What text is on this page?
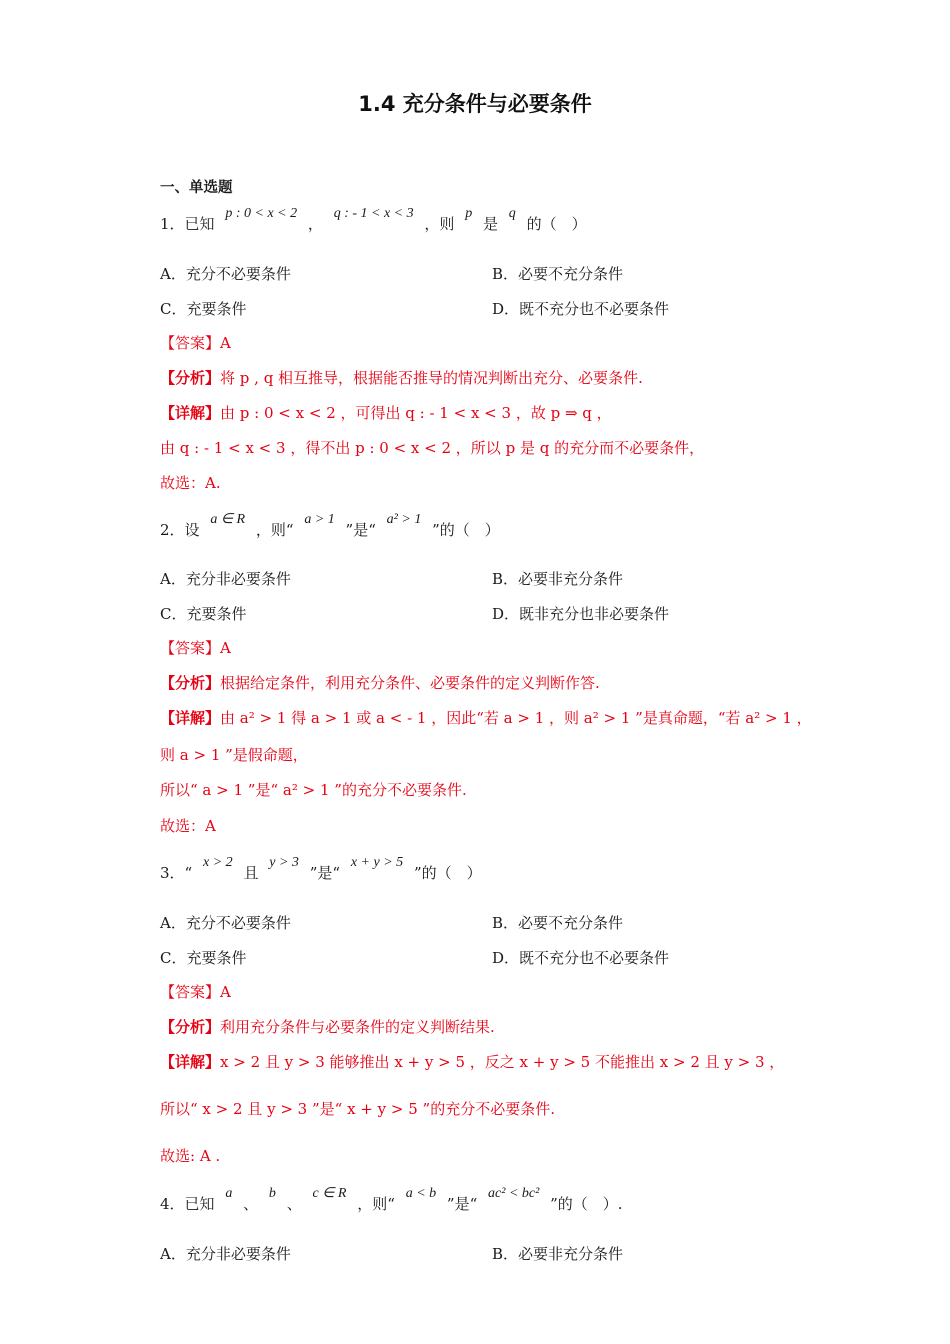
1.4 充分条件与必要条件
一、单选题
1．已知 p : 0 < x < 2 ， q : - 1 < x < 3 ，则 p 是 q 的（　）
A．充分不必要条件	B．必要不充分条件
C．充要条件	D．既不充分也不必要条件
【答案】A
【分析】将 p , q 相互推导，根据能否推导的情况判断出充分、必要条件.
【详解】由 p : 0 < x < 2 ，可得出 q : - 1 < x < 3 ，故 p ⇒ q ，
由 q : - 1 < x < 3 ，得不出 p : 0 < x < 2 ，所以 p 是 q 的充分而不必要条件，
故选：A.
2．设 a ∈ R ，则“ a > 1 ”是“ a² > 1 ”的（　）
A．充分非必要条件	B．必要非充分条件
C．充要条件	D．既非充分也非必要条件
【答案】A
【分析】根据给定条件，利用充分条件、必要条件的定义判断作答.
【详解】由 a² > 1 得 a > 1 或 a < - 1 ，因此“若 a > 1 ，则 a² > 1 ”是真命题，“若 a² > 1 ，
则 a > 1 ”是假命题，
所以“ a > 1 ”是“ a² > 1 ”的充分不必要条件.
故选：A
3．“ x > 2 且 y > 3 ”是“ x + y > 5 ”的（　）
A．充分不必要条件	B．必要不充分条件
C．充要条件	D．既不充分也不必要条件
【答案】A
【分析】利用充分条件与必要条件的定义判断结果.
【详解】x > 2 且 y > 3 能够推出 x + y > 5 ，反之 x + y > 5 不能推出 x > 2 且 y > 3 ，
所以“ x > 2 且 y > 3 ”是“ x + y > 5 ”的充分不必要条件.
故选: A .
4．已知 a 、 b 、 c ∈ R ，则“ a < b ”是“ ac² < bc² ”的（　）.
A．充分非必要条件	B．必要非充分条件
